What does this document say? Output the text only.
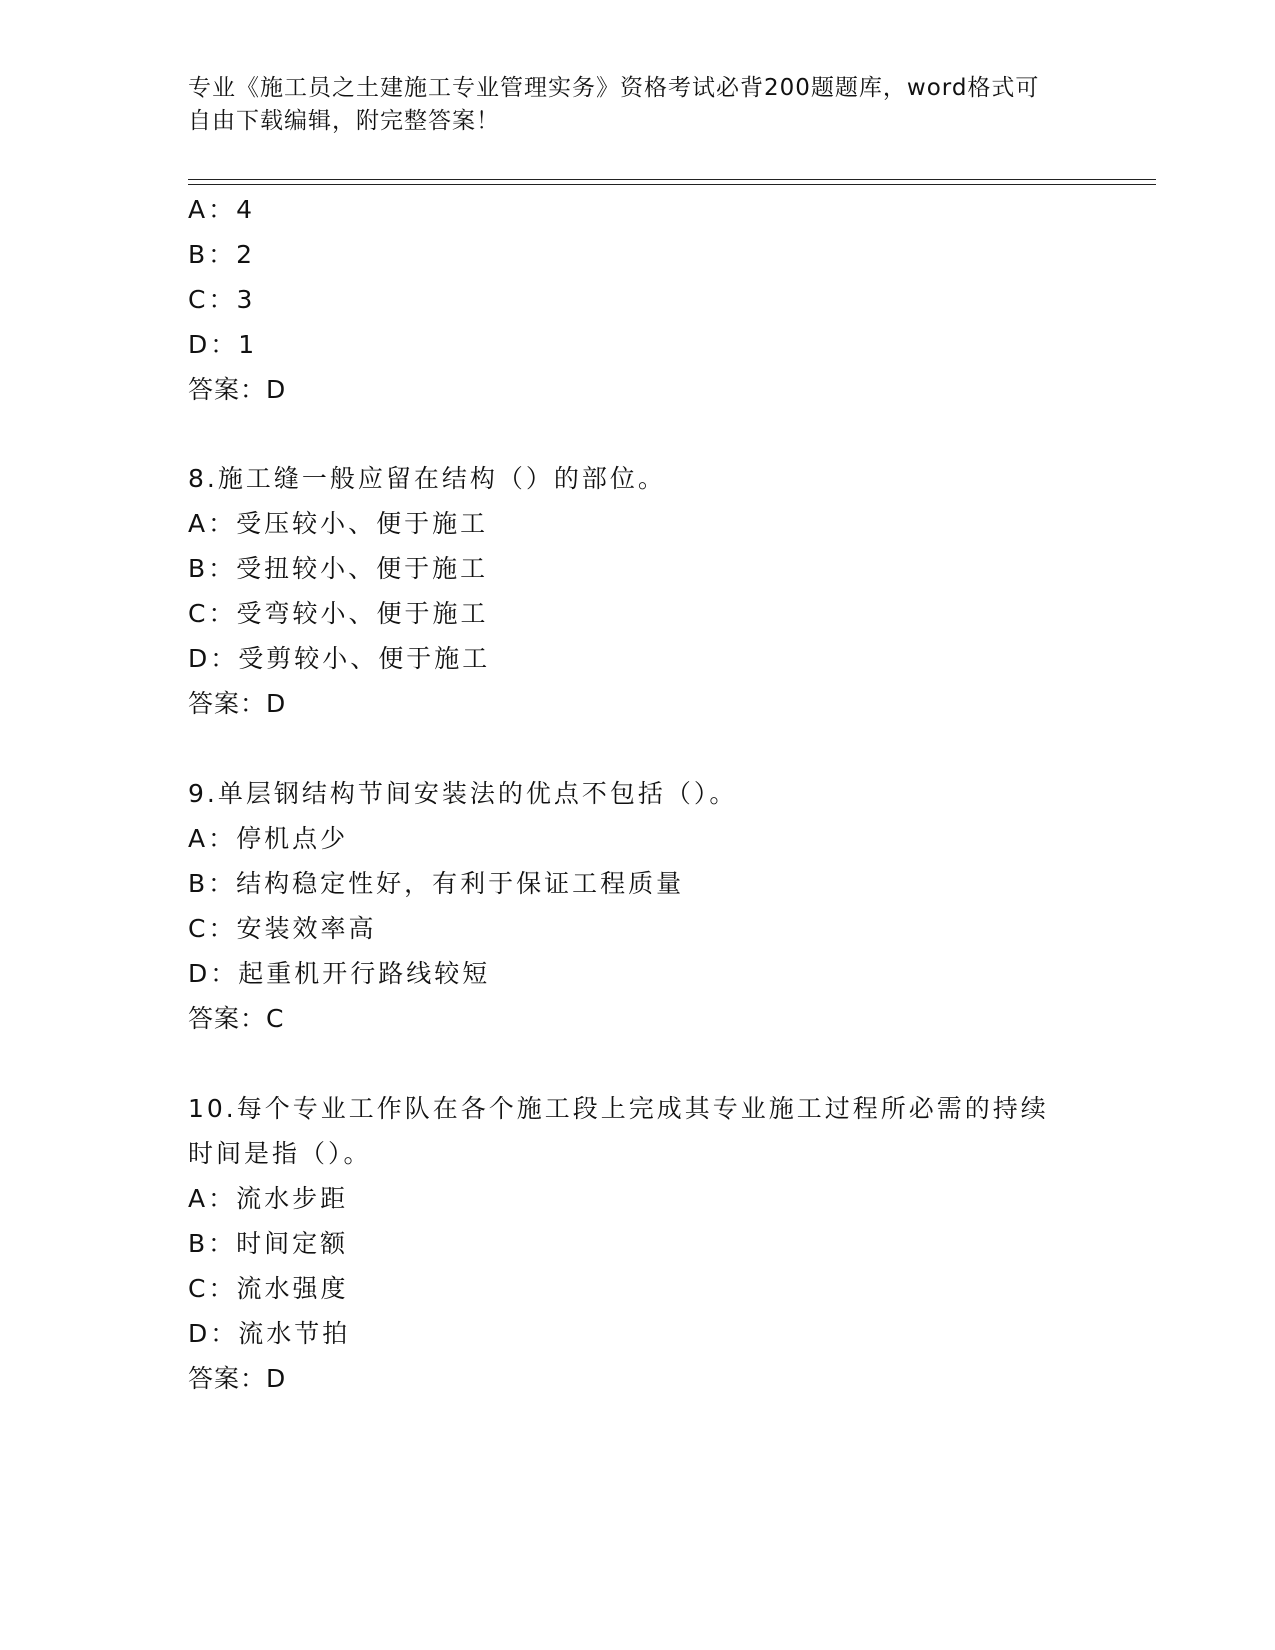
专业《施工员之土建施工专业管理实务》资格考试必背200题题库，word格式可
自由下载编辑，附完整答案！
A：4
B：2
C：3
D：1
答案：D
8.施工缝一般应留在结构（）的部位。
A：受压较小、便于施工
B：受扭较小、便于施工
C：受弯较小、便于施工
D：受剪较小、便于施工
答案：D
9.单层钢结构节间安装法的优点不包括（）。
A：停机点少
B：结构稳定性好，有利于保证工程质量
C：安装效率高
D：起重机开行路线较短
答案：C
10.每个专业工作队在各个施工段上完成其专业施工过程所必需的持续
时间是指（）。
A：流水步距
B：时间定额
C：流水强度
D：流水节拍
答案：D
